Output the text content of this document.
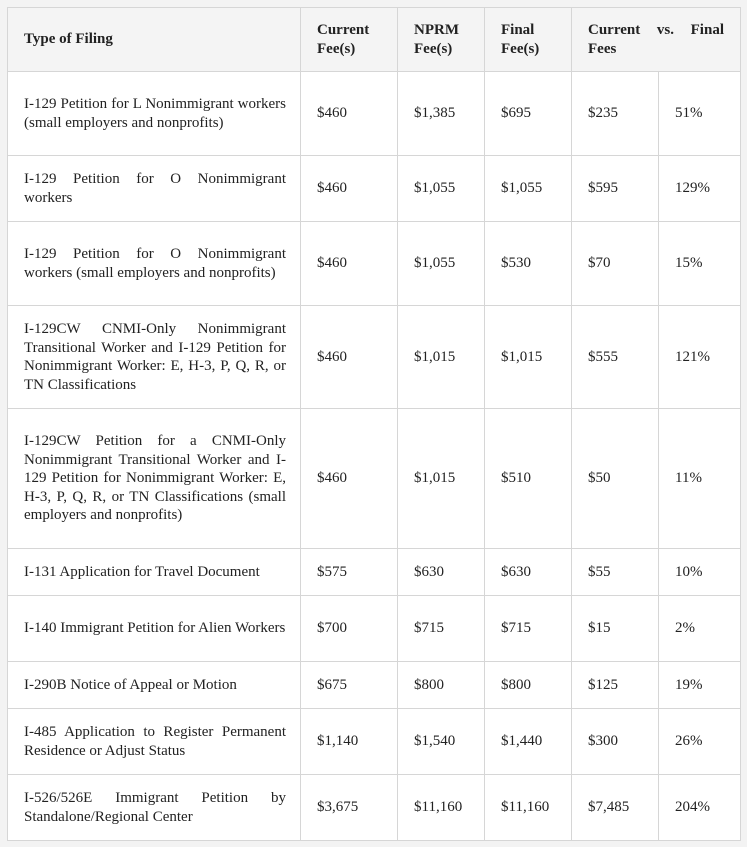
Type of Filing	Current Fee(s)	NPRM Fee(s)	Final Fee(s)	Current vs. Final
Fees	
I-129 Petition for L Nonimmigrant workers (small employers and nonprofits)	$460	$1,385	$695	$235	51%
I-129 Petition for O Nonimmigrant workers	$460	$1,055	$1,055	$595	129%
I-129 Petition for O Nonimmigrant workers (small employers and nonprofits)	$460	$1,055	$530	$70	15%
I-129CW CNMI-Only Nonimmigrant Transitional Worker and I-129 Petition for Nonimmigrant Worker: E, H-3, P, Q, R, or TN Classifications	$460	$1,015	$1,015	$555	121%
I-129CW Petition for a CNMI-Only Nonimmigrant Transitional Worker and I-129 Petition for Nonimmigrant Worker: E, H-3, P, Q, R, or TN Classifications (small employers and nonprofits)	$460	$1,015	$510	$50	11%
I-131 Application for Travel Document	$575	$630	$630	$55	10%
I-140 Immigrant Petition for Alien Workers	$700	$715	$715	$15	2%
I-290B Notice of Appeal or Motion	$675	$800	$800	$125	19%
I-485 Application to Register Permanent Residence or Adjust Status	$1,140	$1,540	$1,440	$300	26%
I-526/526E Immigrant Petition by Standalone/Regional Center	$3,675	$11,160	$11,160	$7,485	204%
